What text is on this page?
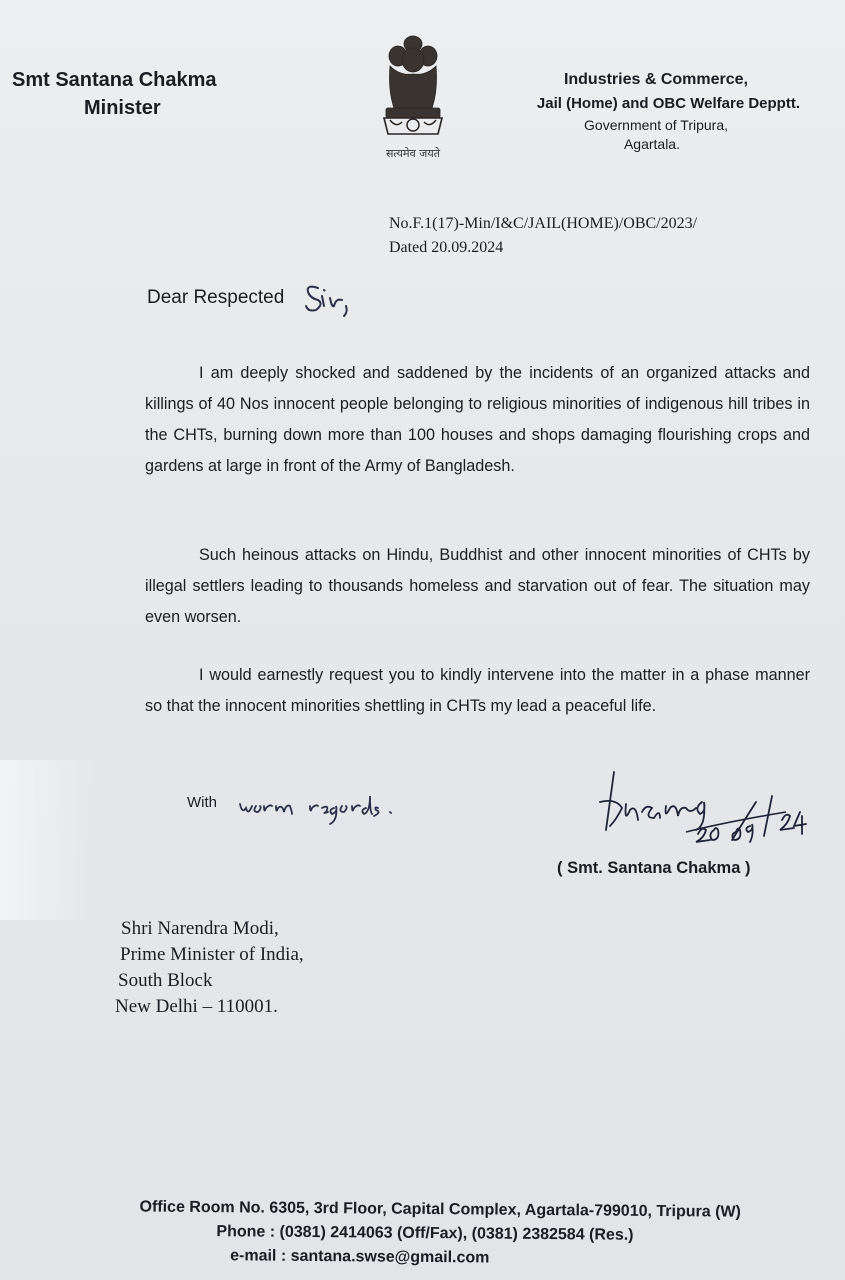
Smt Santana Chakma
Minister
सत्यमेव जयते
Industries & Commerce,
Jail (Home) and OBC Welfare Depptt.
Government of Tripura,
Agartala.
No.F.1(17)-Min/I&C/JAIL(HOME)/OBC/2023/
Dated 20.09.2024
Dear Respected
I am deeply shocked and saddened by the incidents of an organized attacks and killings of 40 Nos innocent people belonging to religious minorities of indigenous hill tribes in the CHTs, burning down more than 100 houses and shops damaging flourishing crops and gardens at large in front of the Army of Bangladesh.
Such heinous attacks on Hindu, Buddhist and other innocent minorities of CHTs by illegal settlers leading to thousands homeless and starvation out of fear. The situation may even worsen.
I would earnestly request you to kindly intervene into the matter in a phase manner so that the innocent minorities shettling in CHTs my lead a peaceful life.
With
( Smt. Santana Chakma )
Shri Narendra Modi,
Prime Minister of India,
South Block
New Delhi – 110001.
Office Room No. 6305, 3rd Floor, Capital Complex, Agartala-799010, Tripura (W)
Phone : (0381) 2414063 (Off/Fax), (0381) 2382584 (Res.)
e-mail : santana.swse@gmail.com
